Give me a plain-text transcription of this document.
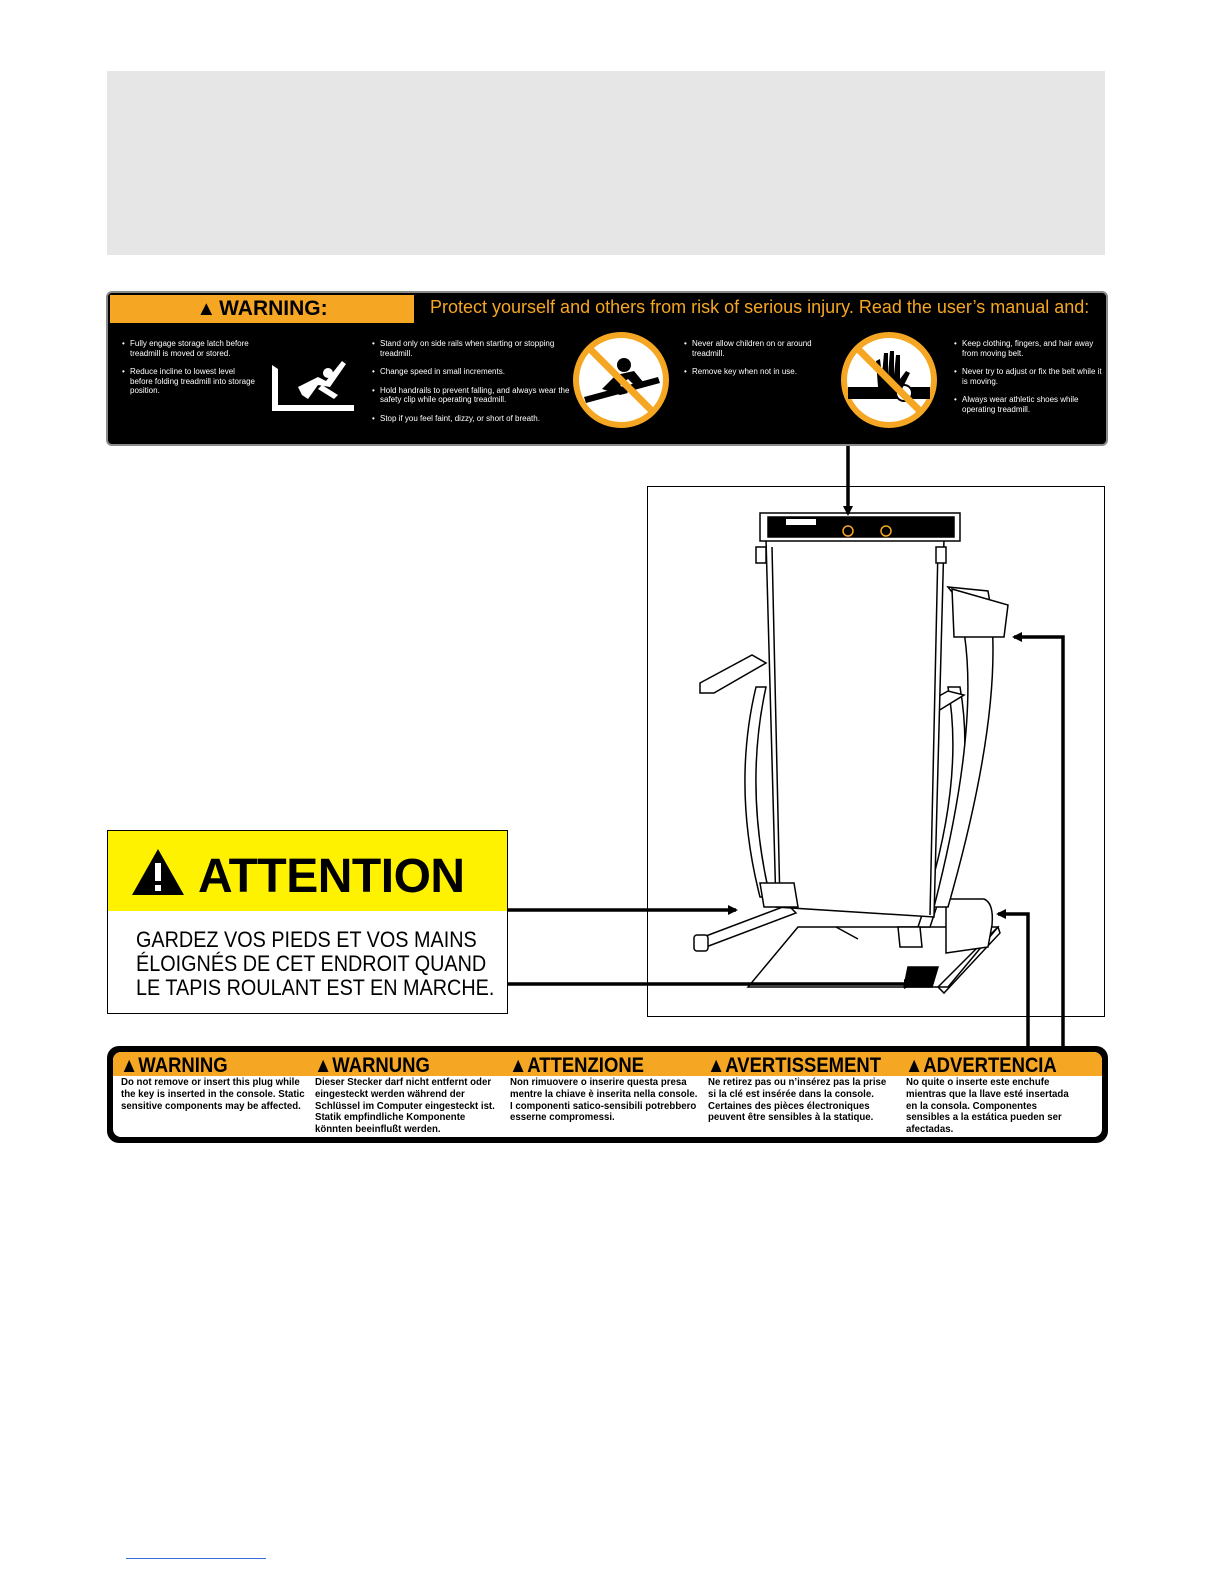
▲ WARNING:	Protect yourself and others from risk of serious injury. Read the user’s manual and:
• Fully engage storage latch before treadmill is moved or stored.
• Reduce incline to lowest level before folding treadmill into storage position.
• Stand only on side rails when starting or stopping treadmill.
• Change speed in small increments.
• Hold handrails to prevent falling, and always wear the safety clip while operating treadmill.
• Stop if you feel faint, dizzy, or short of breath.
• Never allow children on or around treadmill.
• Remove key when not in use.
• Keep clothing, fingers, and hair away from moving belt.
• Never try to adjust or fix the belt while it is moving.
• Always wear athletic shoes while operating treadmill.
ATTENTION
GARDEZ VOS PIEDS ET VOS MAINS
ÉLOIGNÉS DE CET ENDROIT QUAND
LE TAPIS ROULANT EST EN MARCHE.
▲WARNING
Do not remove or insert this plug while the key is inserted in the console. Static sensitive components may be affected.
▲WARNUNG
Dieser Stecker darf nicht entfernt oder eingesteckt werden während der Schlüssel im Computer eingesteckt ist. Statik empfindliche Komponente könnten beeinflußt werden.
▲ATTENZIONE
Non rimuovere o inserire questa presa mentre la chiave è inserita nella console. I componenti satico-sensibili potrebbero esserne compromessi.
▲AVERTISSEMENT
Ne retirez pas ou n’insérez pas la prise si la clé est insérée dans la console. Certaines des pièces électroniques peuvent être sensibles à la statique.
▲ADVERTENCIA
No quite o inserte este enchufe mientras que la llave esté insertada en la consola. Componentes sensibles a la estática pueden ser afectadas.
